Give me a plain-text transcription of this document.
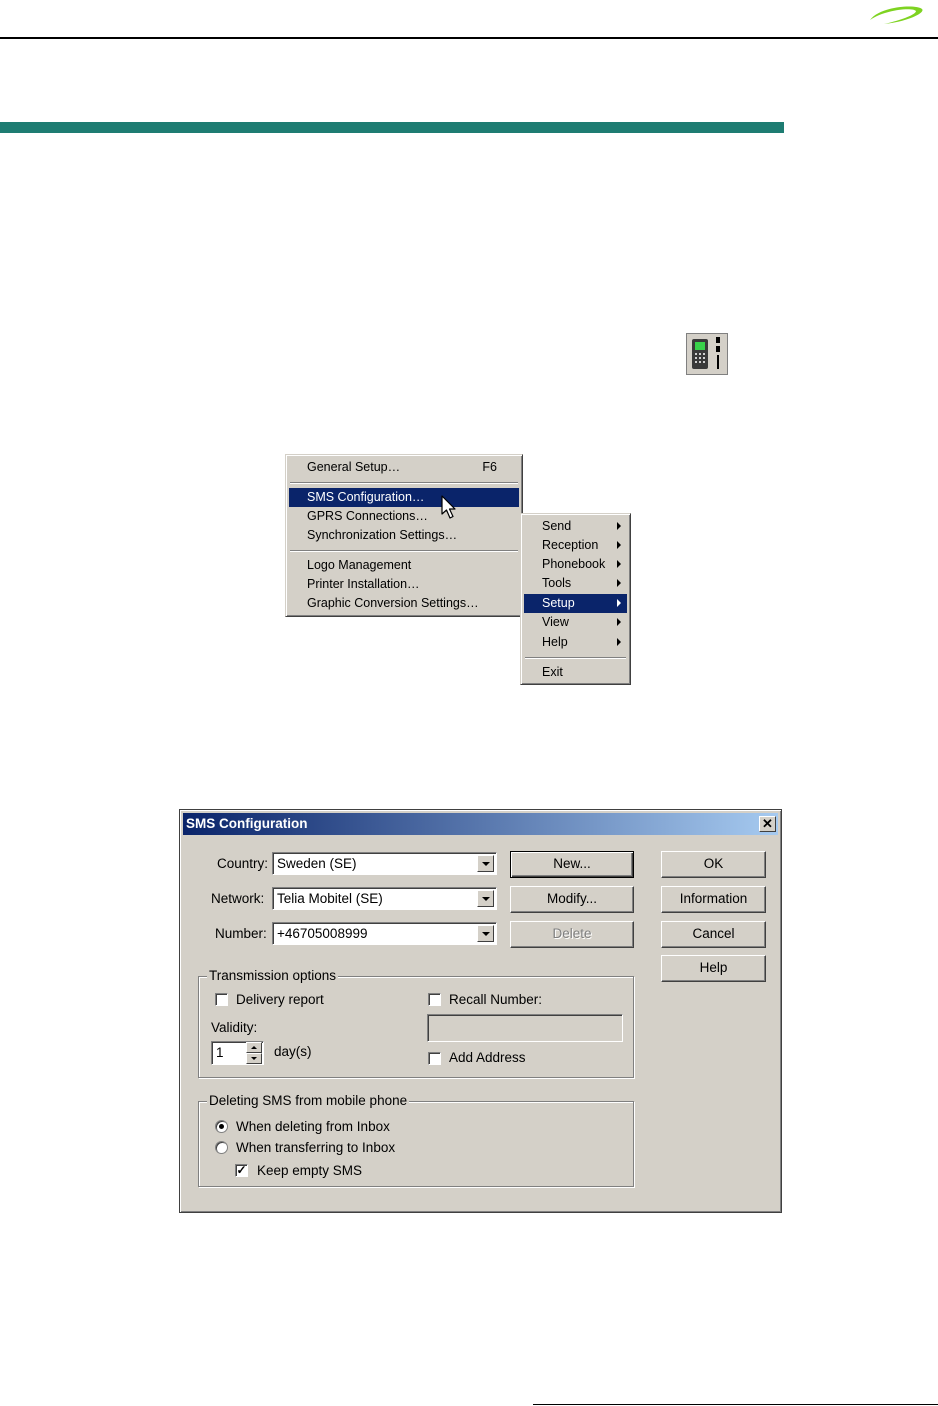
General Setup…	F6
SMS Configuration…
GPRS Connections…
Synchronization Settings…
Logo Management
Printer Installation…
Graphic Conversion Settings…
Send
Reception
Phonebook
Tools
Setup
View
Help
Exit
SMS Configuration	✕
Country: Sweden (SE)
Network: Telia Mobitel (SE)
Number: +46705008999
New...
Modify...
Delete
OK
Information
Cancel
Help
Transmission options
Delivery report
Validity:
1	day(s)
Recall Number:
Add Address
Deleting SMS from mobile phone
When deleting from Inbox
When transferring to Inbox
✓ Keep empty SMS
